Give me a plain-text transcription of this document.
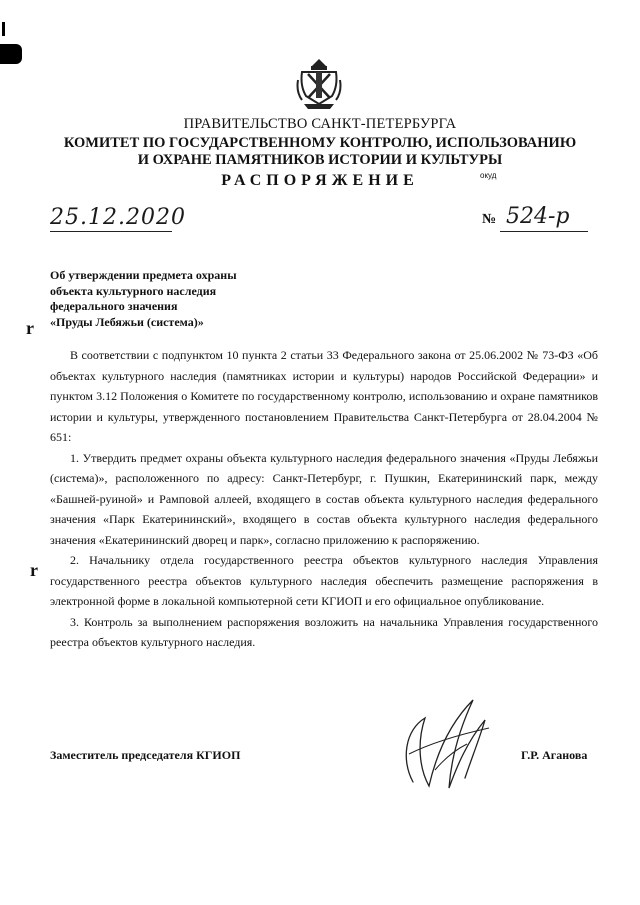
ПРАВИТЕЛЬСТВО САНКТ-ПЕТЕРБУРГА
КОМИТЕТ ПО ГОСУДАРСТВЕННОМУ КОНТРОЛЮ, ИСПОЛЬЗОВАНИЮ
И ОХРАНЕ ПАМЯТНИКОВ ИСТОРИИ И КУЛЬТУРЫ
РАСПОРЯЖЕНИЕ	окуд
25.12.2020	№ 524-р
Об утверждении предмета охраны
объекта культурного наследия
федерального значения
«Пруды Лебяжьи (система)»
r
r

В соответствии с подпунктом 10 пункта 2 статьи 33 Федерального закона от 25.06.2002 № 73-ФЗ «Об объектах культурного наследия (памятниках истории и культуры) народов Российской Федерации» и пунктом 3.12 Положения о Комитете по государственному контролю, использованию и охране памятников истории и культуры, утвержденного постановлением Правительства Санкт-Петербурга от 28.04.2004 № 651:

1. Утвердить предмет охраны объекта культурного наследия федерального значения «Пруды Лебяжьи (система)», расположенного по адресу: Санкт-Петербург, г. Пушкин, Екатерининский парк, между «Башней-руиной» и Рамповой аллеей, входящего в состав объекта культурного наследия федерального значения «Парк Екатерининский», входящего в состав объекта культурного наследия федерального значения «Екатерининский дворец и парк», согласно приложению к распоряжению.

2. Начальнику отдела государственного реестра объектов культурного наследия Управления государственного реестра объектов культурного наследия обеспечить размещение распоряжения в электронной форме в локальной компьютерной сети КГИОП и его официальное опубликование.

3. Контроль за выполнением распоряжения возложить на начальника Управления государственного реестра объектов культурного наследия.

Заместитель председателя КГИОП	Г.Р. Аганова
